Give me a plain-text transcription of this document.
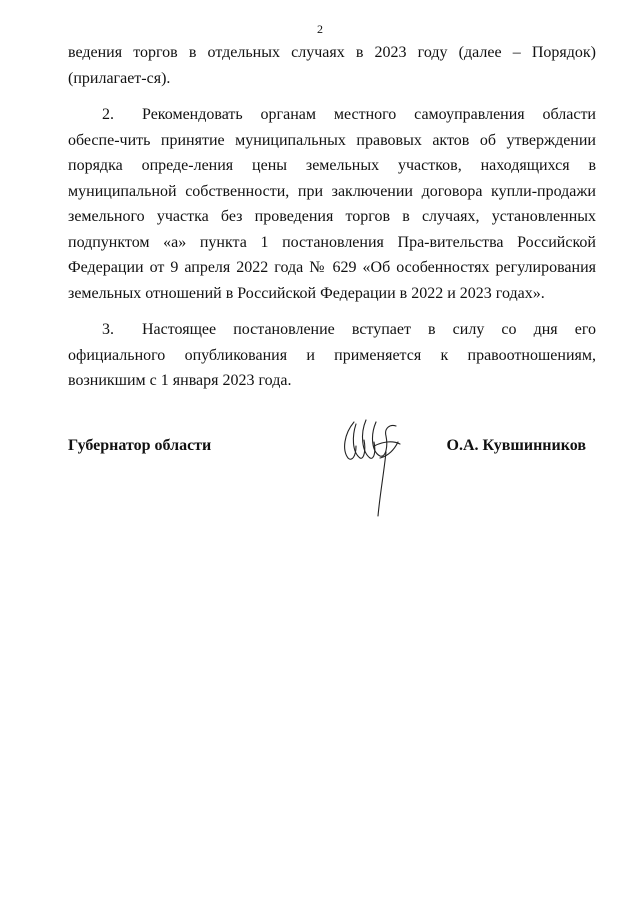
2

ведения торгов в отдельных случаях в 2023 году (далее – Порядок) (прилагает-ся).

2. Рекомендовать органам местного самоуправления области обеспе-чить принятие муниципальных правовых актов об утверждении порядка опреде-ления цены земельных участков, находящихся в муниципальной собственности, при заключении договора купли-продажи земельного участка без проведения торгов в случаях, установленных подпунктом «а» пункта 1 постановления Пра-вительства Российской Федерации от 9 апреля 2022 года № 629 «Об особенностях регулирования земельных отношений в Российской Федерации в 2022 и 2023 годах».

3. Настоящее постановление вступает в силу со дня его официального опубликования и применяется к правоотношениям, возникшим с 1 января 2023 года.

Губернатор области	О.А. Кувшинников
